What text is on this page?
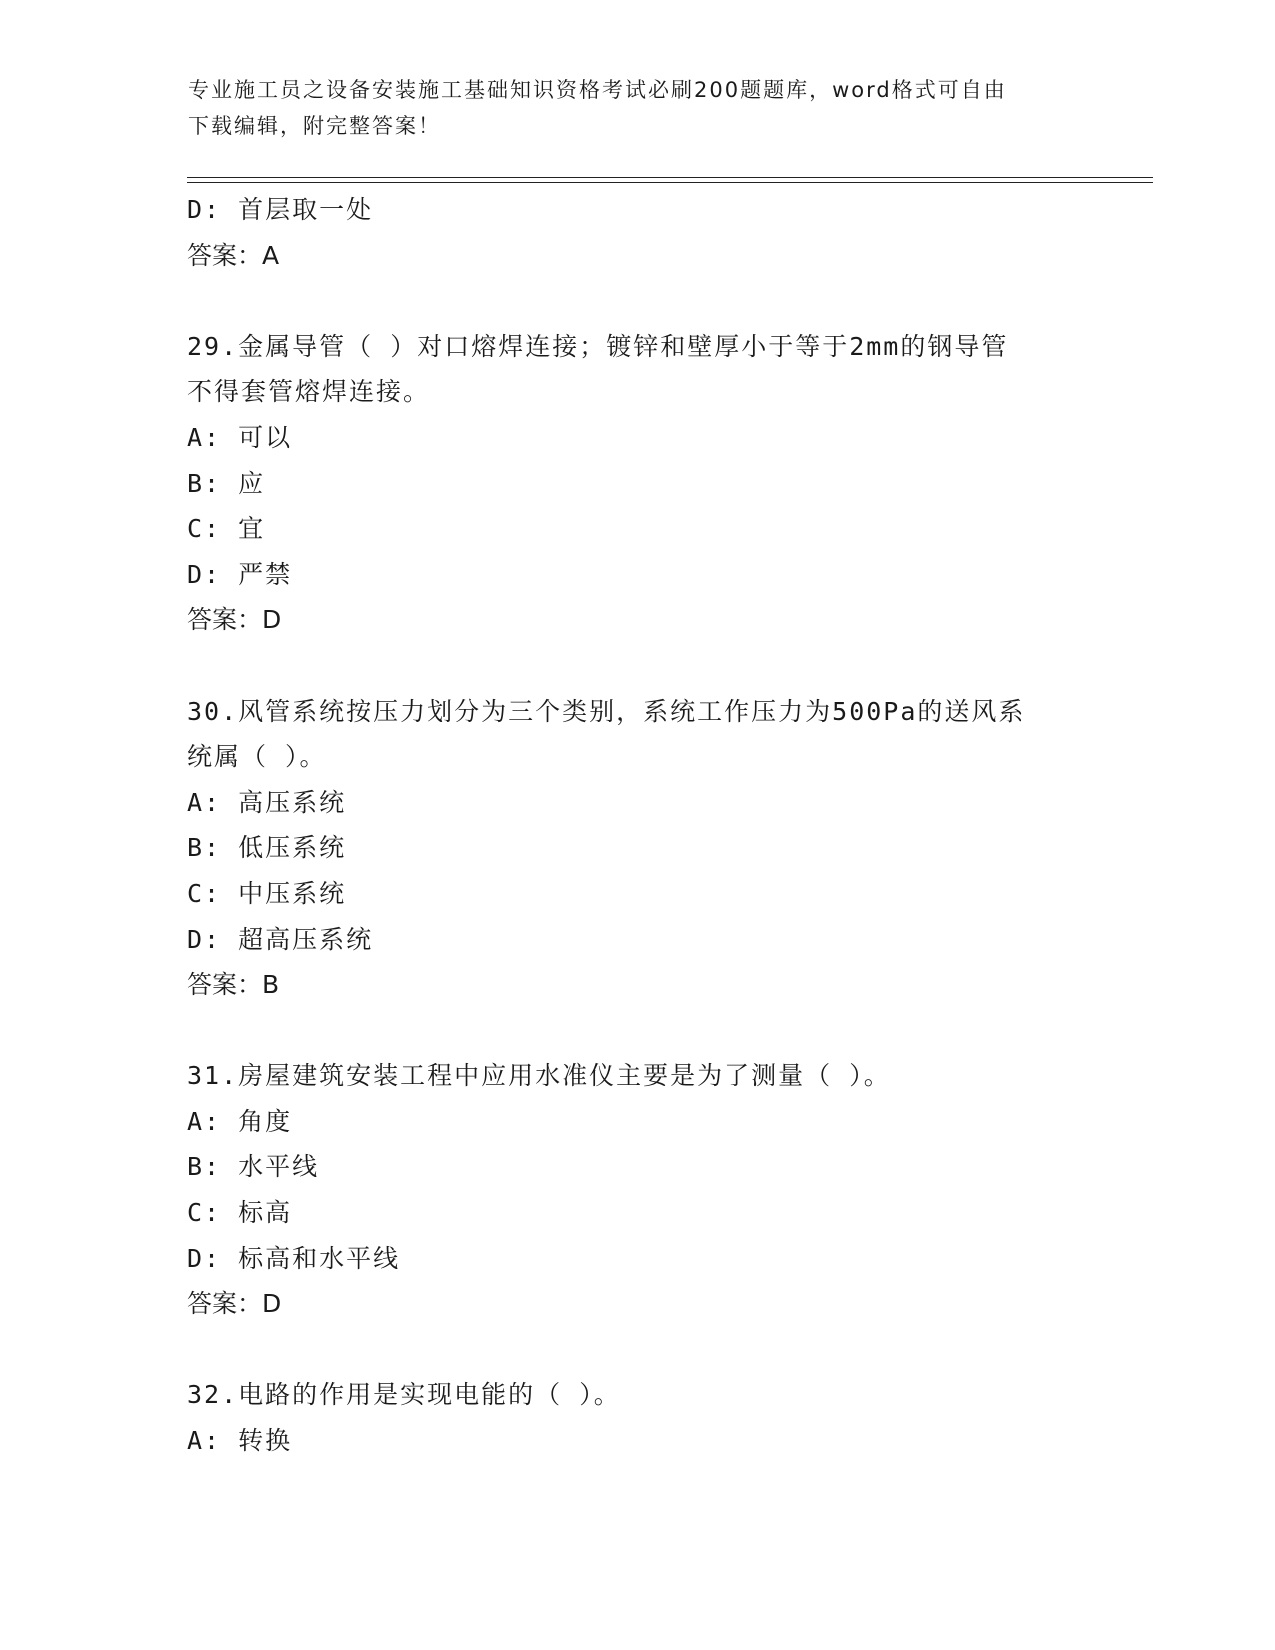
专业施工员之设备安装施工基础知识资格考试必刷200题题库，word格式可自由
下载编辑，附完整答案！
D: 首层取一处
答案：A
29.金属导管（ ）对口熔焊连接；镀锌和壁厚小于等于2mm的钢导管
不得套管熔焊连接。
A: 可以
B: 应
C: 宜
D: 严禁
答案：D
30.风管系统按压力划分为三个类别，系统工作压力为500Pa的送风系
统属（ ）。
A: 高压系统
B: 低压系统
C: 中压系统
D: 超高压系统
答案：B
31.房屋建筑安装工程中应用水准仪主要是为了测量（ ）。
A: 角度
B: 水平线
C: 标高
D: 标高和水平线
答案：D
32.电路的作用是实现电能的（ ）。
A: 转换
